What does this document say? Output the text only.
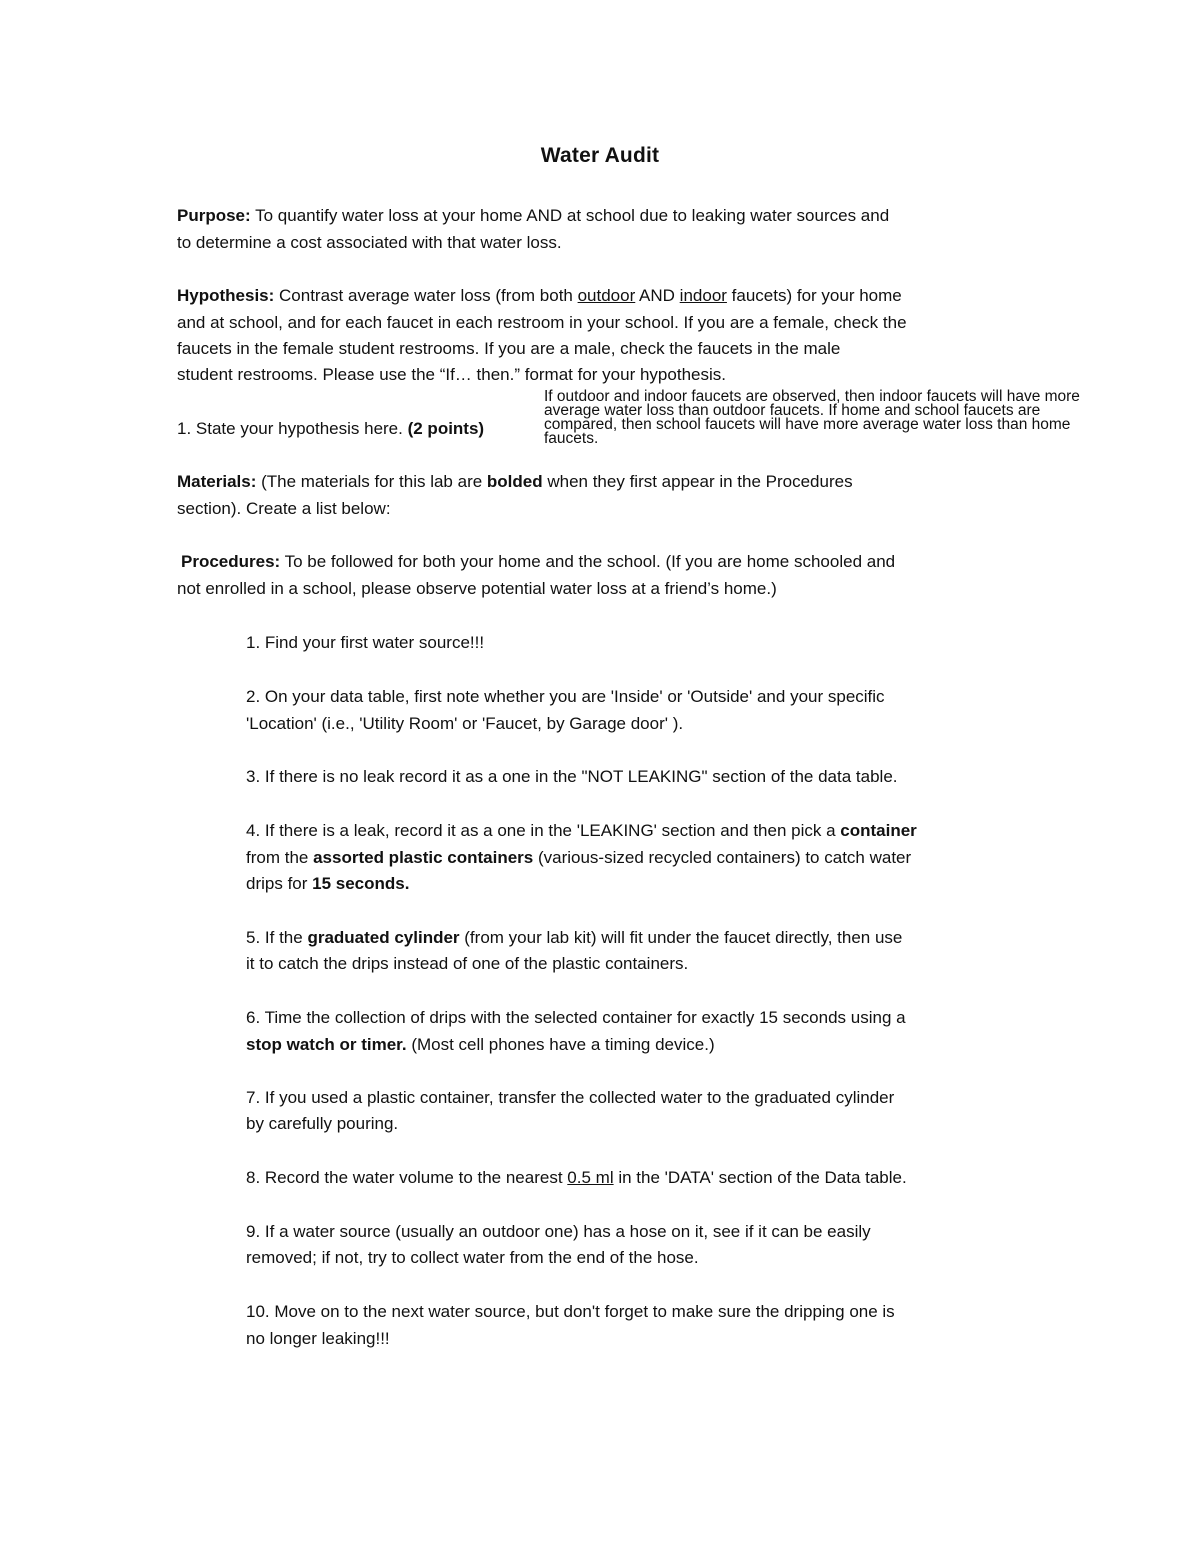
Water Audit

Purpose: To quantify water loss at your home AND at school due to leaking water sources and

to determine a cost associated with that water loss.

Hypothesis: Contrast average water loss (from both outdoor AND indoor faucets) for your home

and at school, and for each faucet in each restroom in your school. If you are a female, check the

faucets in the female student restrooms. If you are a male, check the faucets in the male

student restrooms. Please use the “If… then.” format for your hypothesis.

1. State your hypothesis here. (2 points)

If outdoor and indoor faucets are observed, then indoor faucets will have more
average water loss than outdoor faucets. If home and school faucets are
compared, then school faucets will have more average water loss than home
faucets.

Materials: (The materials for this lab are bolded when they first appear in the Procedures

section). Create a list below:

Procedures: To be followed for both your home and the school. (If you are home schooled and

not enrolled in a school, please observe potential water loss at a friend’s home.)

1. Find your first water source!!!

2. On your data table, first note whether you are 'Inside' or 'Outside' and your specific

'Location' (i.e., 'Utility Room' or 'Faucet, by Garage door' ).

3. If there is no leak record it as a one in the "NOT LEAKING" section of the data table.

4. If there is a leak, record it as a one in the 'LEAKING' section and then pick a container

from the assorted plastic containers (various-sized recycled containers) to catch water

drips for 15 seconds.

5. If the graduated cylinder (from your lab kit) will fit under the faucet directly, then use

it to catch the drips instead of one of the plastic containers.

6. Time the collection of drips with the selected container for exactly 15 seconds using a

stop watch or timer. (Most cell phones have a timing device.)

7. If you used a plastic container, transfer the collected water to the graduated cylinder

by carefully pouring.

8. Record the water volume to the nearest 0.5 ml in the 'DATA' section of the Data table.

9. If a water source (usually an outdoor one) has a hose on it, see if it can be easily

removed; if not, try to collect water from the end of the hose.

10. Move on to the next water source, but don't forget to make sure the dripping one is

no longer leaking!!!
